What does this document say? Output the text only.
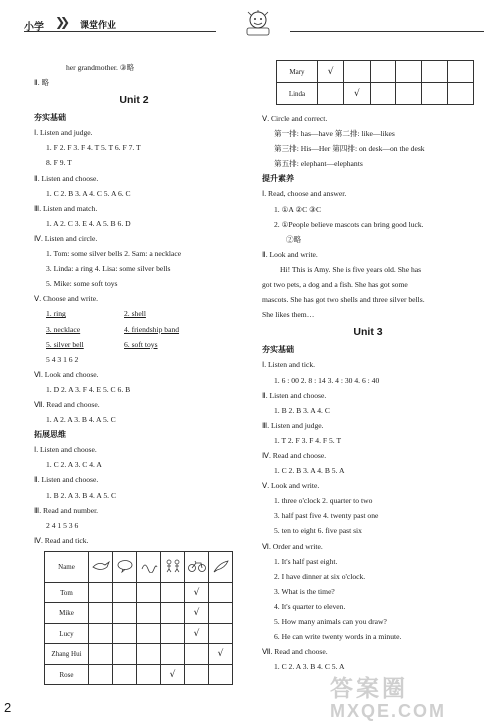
小学 ❯❯ 课堂作业
her grandmother. ③略
Ⅱ. 略
Unit 2
夯实基础
Ⅰ. Listen and judge.
1. F 2. F 3. F 4. T 5. T 6. F 7. T
8. F 9. T
Ⅱ. Listen and choose.
1. C 2. B 3. A 4. C 5. A 6. C
Ⅲ. Listen and match.
1. A 2. C 3. E 4. A 5. B 6. D
Ⅳ. Listen and circle.
1. Tom: some silver bells 2. Sam: a necklace
3. Linda: a ring 4. Lisa: some silver bells
5. Mike: some soft toys
Ⅴ. Choose and write.
1. ring	2. shell
3. necklace	4. friendship band
5. silver bell	6. soft toys
5 4 3 1 6 2
Ⅵ. Look and choose.
1. D 2. A 3. F 4. E 5. C 6. B
Ⅶ. Read and choose.
1. A 2. A 3. B 4. A 5. C
拓展思维
Ⅰ. Listen and choose.
1. C 2. A 3. C 4. A
Ⅱ. Listen and choose.
1. B 2. A 3. B 4. A 5. C
Ⅲ. Read and number.
2 4 1 5 3 6
Ⅳ. Read and tick.
Name						
Tom					√	
Mike					√	
Lucy					√	
Zhang Hui						√
Rose				√		
Mary	√					
Linda		√				
Ⅴ. Circle and correct.
第一排: has—have 第二排: like—likes
第三排: His—Her 第四排: on desk—on the desk
第五排: elephant—elephants
提升素养
Ⅰ. Read, choose and answer.
1. ①A ②C ③C
2. ①People believe mascots can bring good luck.
②略
Ⅱ. Look and write.
Hi! This is Amy. She is five years old. She has
got two pets, a dog and a fish. She has got some
mascots. She has got two shells and three silver bells.
She likes them…
Unit 3
夯实基础
Ⅰ. Listen and tick.
1. 6 : 00 2. 8 : 14 3. 4 : 30 4. 6 : 40
Ⅱ. Listen and choose.
1. B 2. B 3. A 4. C
Ⅲ. Listen and judge.
1. T 2. F 3. F 4. F 5. T
Ⅳ. Read and choose.
1. C 2. B 3. A 4. B 5. A
Ⅴ. Look and write.
1. three o'clock 2. quarter to two
3. half past five 4. twenty past one
5. ten to eight 6. five past six
Ⅵ. Order and write.
1. It's half past eight.
2. I have dinner at six o'clock.
3. What is the time?
4. It's quarter to eleven.
5. How many animals can you draw?
6. He can write twenty words in a minute.
Ⅶ. Read and choose.
1. C 2. A 3. B 4. C 5. A
2
答案圈
MXQE.COM
